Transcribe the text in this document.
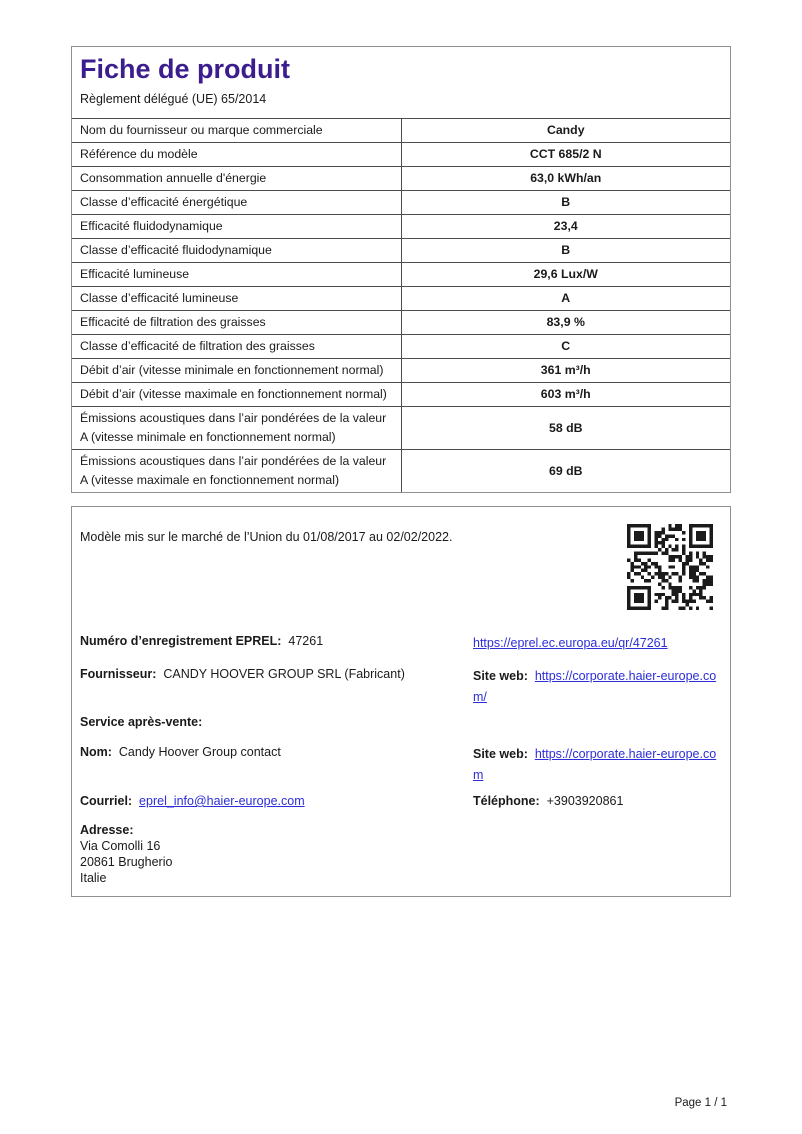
Fiche de produit
Règlement délégué (UE) 65/2014
Nom du fournisseur ou marque commerciale	Candy
Référence du modèle	CCT 685/2 N
Consommation annuelle d'énergie	63,0 kWh/an
Classe d’efficacité énergétique	B
Efficacité fluidodynamique	23,4
Classe d’efficacité fluidodynamique	B
Efficacité lumineuse	29,6 Lux/W
Classe d’efficacité lumineuse	A
Efficacité de filtration des graisses	83,9 %
Classe d’efficacité de filtration des graisses	C
Débit d’air (vitesse minimale en fonctionnement normal)	361 m³/h
Débit d’air (vitesse maximale en fonctionnement normal)	603 m³/h
Émissions acoustiques dans l’air pondérées de la valeur A (vitesse minimale en fonctionnement normal)	58 dB
Émissions acoustiques dans l’air pondérées de la valeur A (vitesse maximale en fonctionnement normal)	69 dB
Modèle mis sur le marché de l’Union du 01/08/2017 au 02/02/2022.
Numéro d’enregistrement EPREL: 47261	https://eprel.ec.europa.eu/qr/47261
Fournisseur: CANDY HOOVER GROUP SRL (Fabricant)	Site web: https://corporate.haier-europe.com/
Service après-vente:
Nom: Candy Hoover Group contact	Site web: https://corporate.haier-europe.com
Courriel: eprel_info@haier-europe.com	Téléphone: +3903920861
Adresse:
Via Comolli 16
20861 Brugherio
Italie
Page 1 / 1
